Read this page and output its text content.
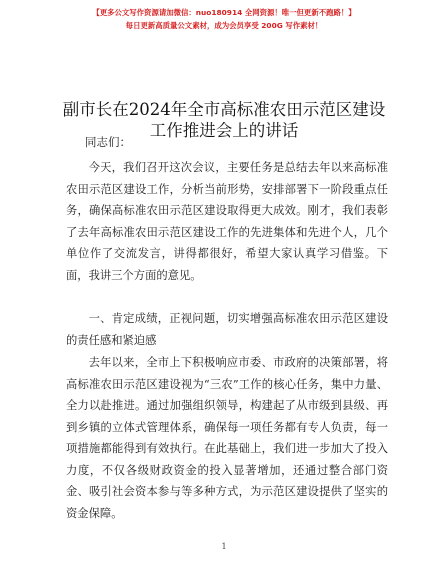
【更多公文写作资源请加微信：nuo180914 全网资源！唯一但更新不跑路！】
每日更新高质量公文素材，成为会员享受 200G 写作素材！
副市长在2024年全市高标准农田示范区建设工作推进会上的讲话
同志们：

今天，我们召开这次会议，主要任务是总结去年以来高标准农田示范区建设工作，分析当前形势，安排部署下一阶段重点任务，确保高标准农田示范区建设取得更大成效。刚才，我们表彰了去年高标准农田示范区建设工作的先进集体和先进个人，几个单位作了交流发言，讲得都很好，希望大家认真学习借鉴。下面，我讲三个方面的意见。

一、肯定成绩，正视问题，切实增强高标准农田示范区建设的责任感和紧迫感

去年以来，全市上下积极响应市委、市政府的决策部署，将高标准农田示范区建设视为“三农”工作的核心任务，集中力量、全力以赴推进。通过加强组织领导，构建起了从市级到县级、再到乡镇的立体式管理体系，确保每一项任务都有专人负责，每一项措施都能得到有效执行。在此基础上，我们进一步加大了投入力度，不仅各级财政资金的投入显著增加，还通过整合部门资金、吸引社会资本参与等多种方式，为示范区建设提供了坚实的资金保障。

1
